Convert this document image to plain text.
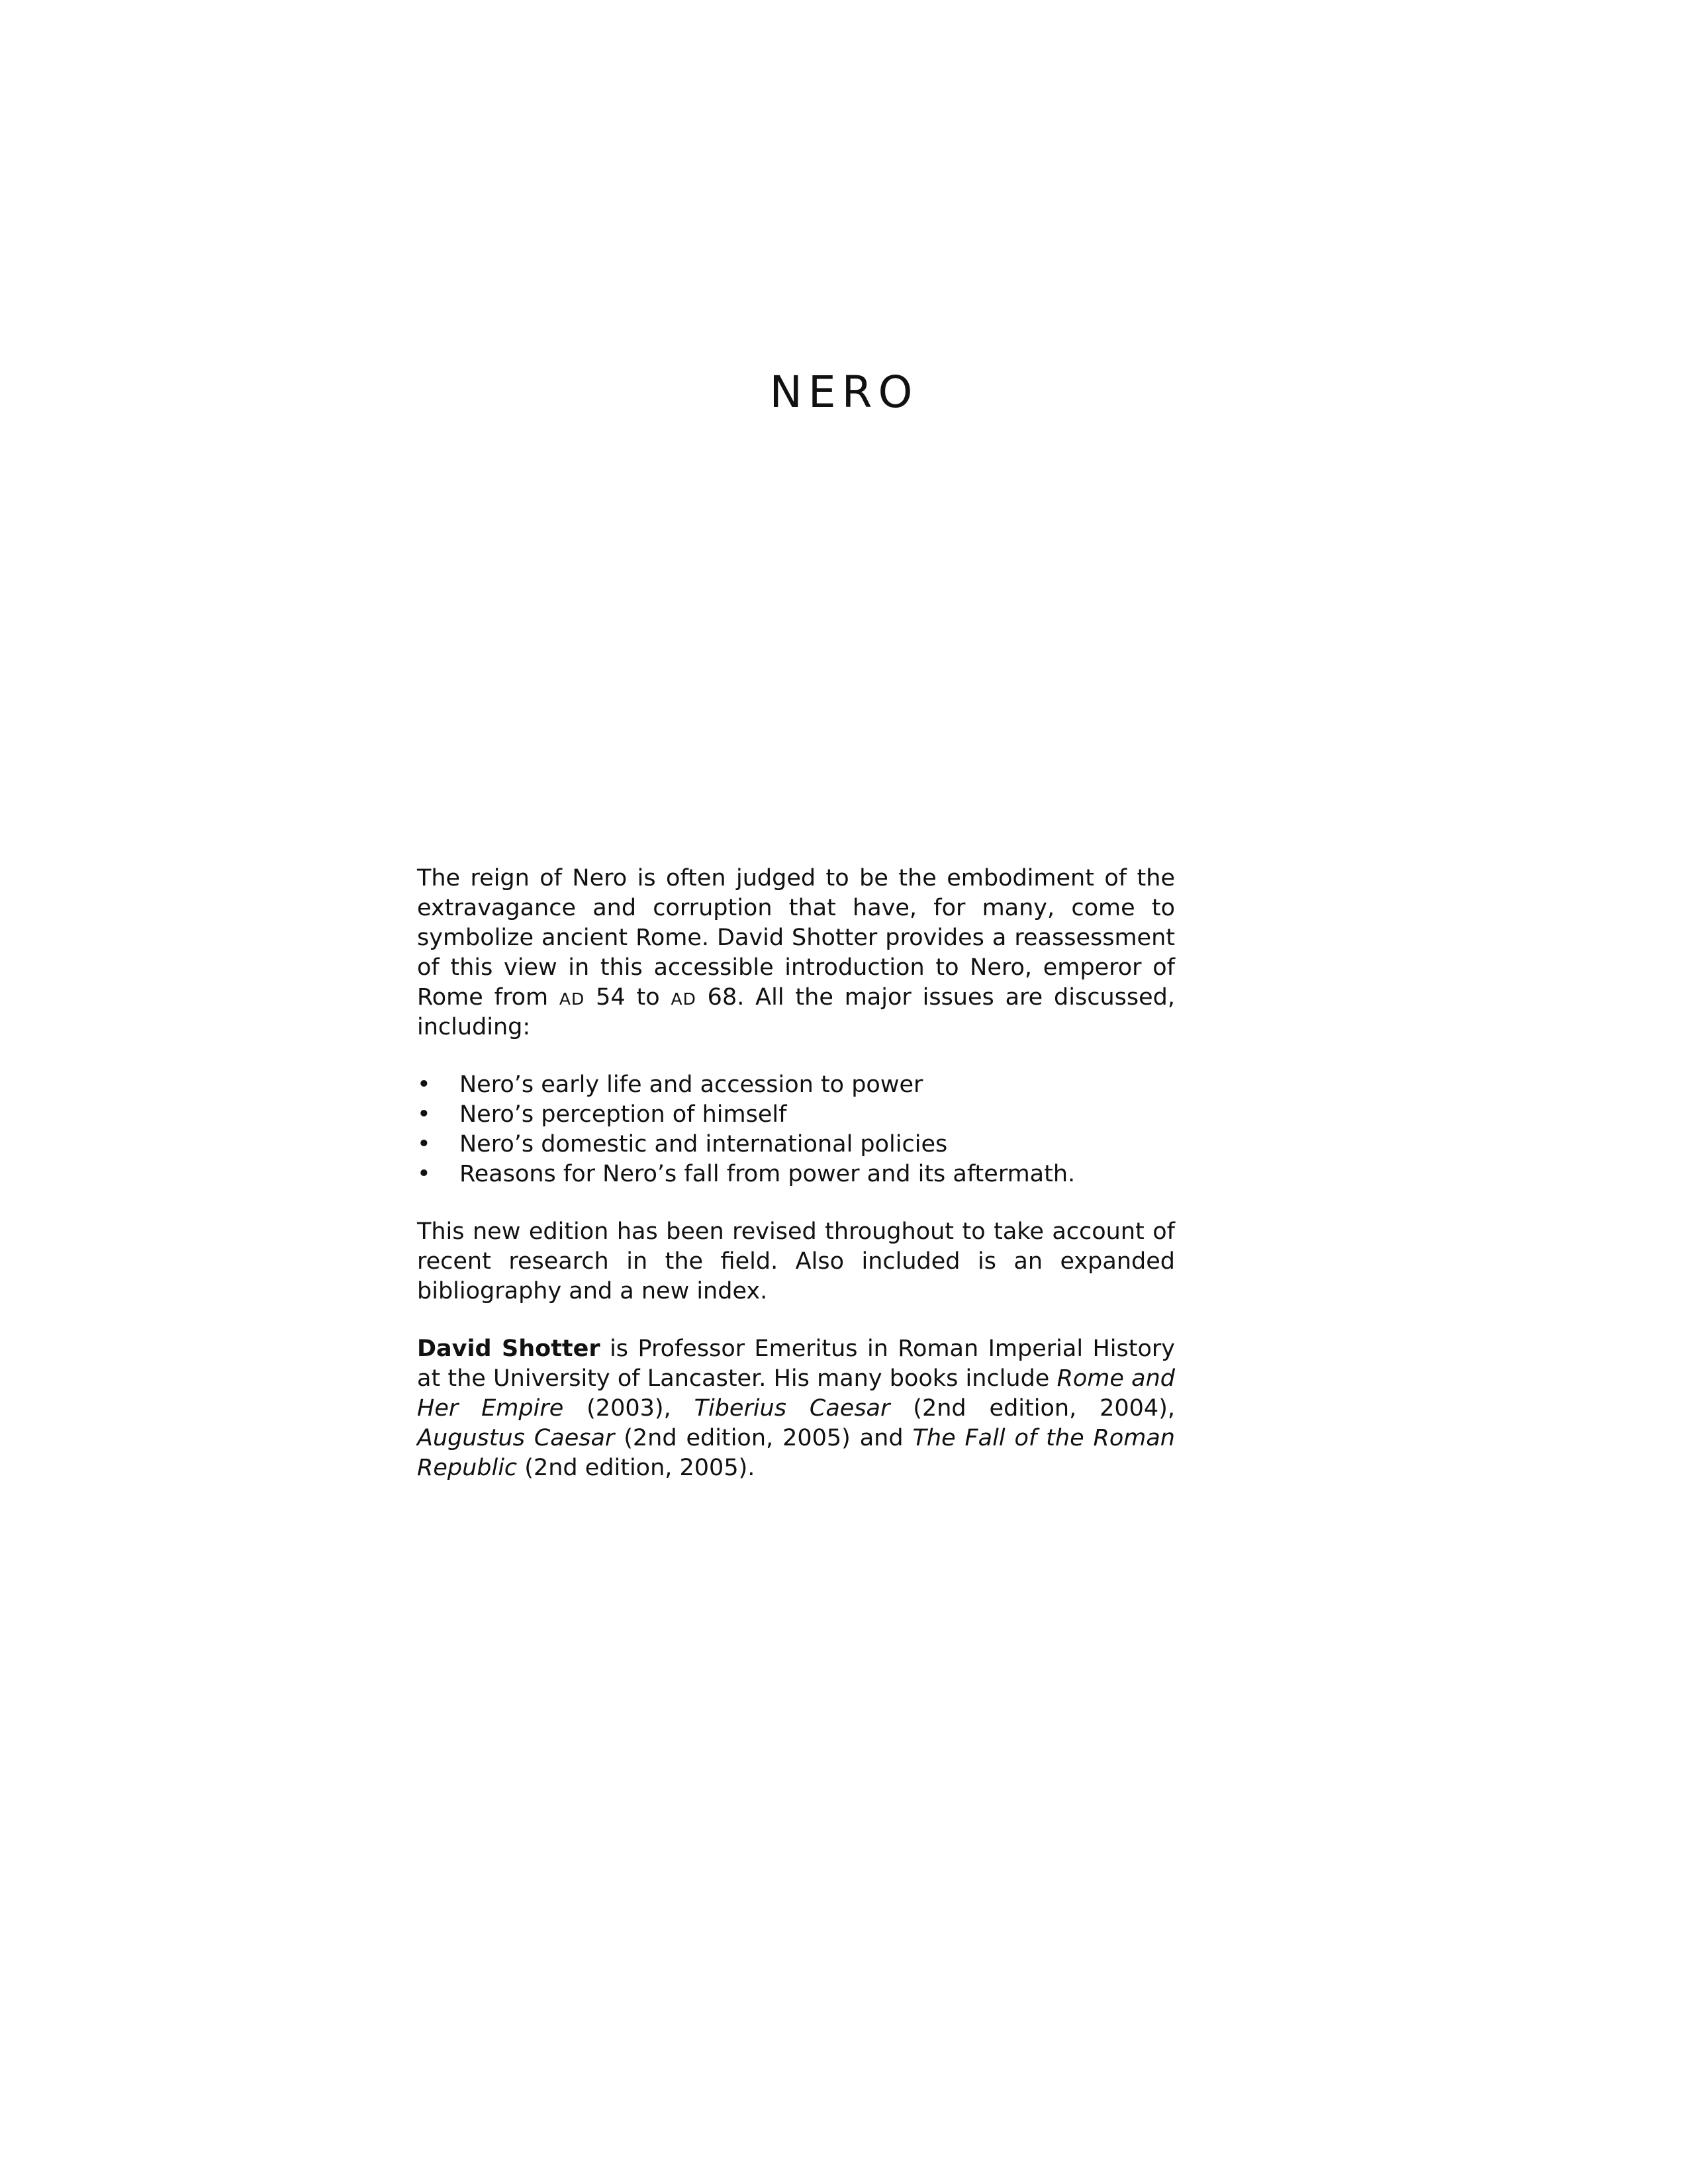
NERO

The reign of Nero is often judged to be the embodiment of the extravagance and corruption that have, for many, come to symbolize ancient Rome. David Shotter provides a reassessment of this view in this accessible introduction to Nero, emperor of Rome from ad 54 to ad 68. All the major issues are discussed, including:

• Nero’s early life and accession to power
• Nero’s perception of himself
• Nero’s domestic and international policies
• Reasons for Nero’s fall from power and its aftermath.

This new edition has been revised throughout to take account of recent research in the field. Also included is an expanded bibliography and a new index.

David Shotter is Professor Emeritus in Roman Imperial History at the University of Lancaster. His many books include Rome and Her Empire (2003), Tiberius Caesar (2nd edition, 2004), Augustus Caesar (2nd edition, 2005) and The Fall of the Roman Republic (2nd edition, 2005).
